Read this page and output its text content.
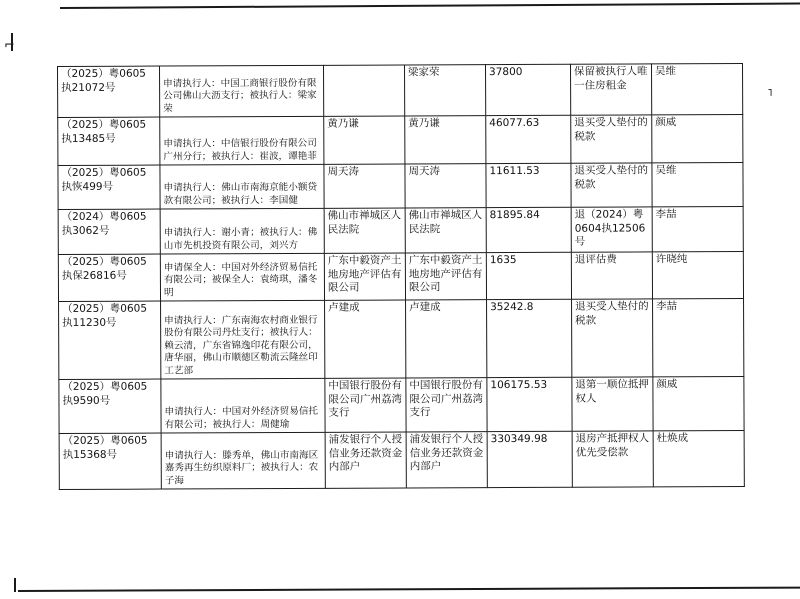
⌐
⌐
（2025）粤0605执21072号	申请执行人：中国工商银行股份有限公司佛山大沥支行；被执行人：梁家荣		梁家荣	37800	保留被执行人唯一住房租金	吴维
（2025）粤0605执13485号	申请执行人：中信银行股份有限公司广州分行；被执行人：崔波，谭艳菲	黄乃谦	黄乃谦	46077.63	退买受人垫付的税款	颜威
（2025）粤0605执恢499号	申请执行人：佛山市南海京能小额贷款有限公司；被执行人：李国健	周天涛	周天涛	11611.53	退买受人垫付的税款	吴维
（2024）粤0605执3062号	申请执行人：谢小青；被执行人：佛山市先机投资有限公司，刘兴方	佛山市禅城区人民法院	佛山市禅城区人民法院	81895.84	退（2024）粤0604执12506号	李喆
（2025）粤0605执保26816号	申请保全人：中国对外经济贸易信托有限公司；被保全人：袁绮琪，潘冬明	广东中毅资产土地房地产评估有限公司	广东中毅资产土地房地产评估有限公司	1635	退评估费	许晓纯
（2025）粤0605执11230号	申请执行人：广东南海农村商业银行股份有限公司丹灶支行；被执行人：赖云清，广东省锦逸印花有限公司，唐华丽，佛山市顺德区勒流云隆丝印工艺部	卢建成	卢建成	35242.8	退买受人垫付的税款	李喆
（2025）粤0605执9590号	申请执行人：中国对外经济贸易信托有限公司；被执行人：周健瑜	中国银行股份有限公司广州荔湾支行	中国银行股份有限公司广州荔湾支行	106175.53	退第一顺位抵押权人	颜威
（2025）粤0605执15368号	申请执行人：滕秀单，佛山市南海区嘉秀再生纺织原料厂；被执行人：农子海	浦发银行个人授信业务还款资金内部户	浦发银行个人授信业务还款资金内部户	330349.98	退房产抵押权人优先受偿款	杜焕成
